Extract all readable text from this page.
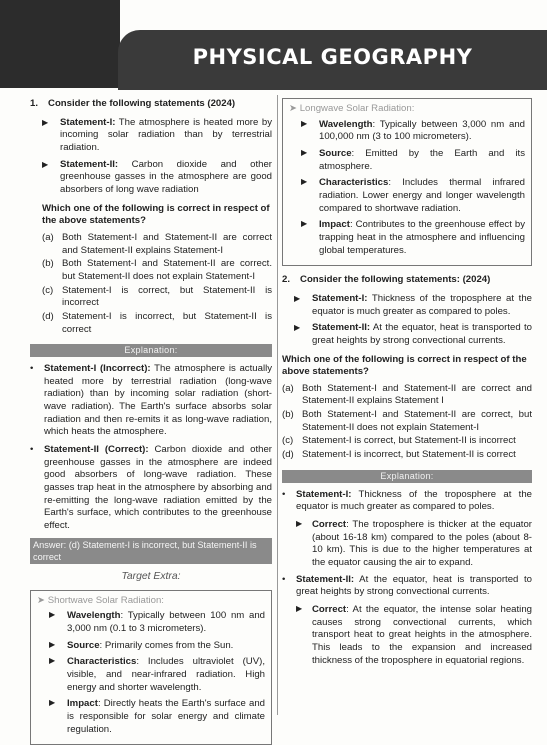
PHYSICAL GEOGRAPHY
1. Consider the following statements (2024)
▶	Statement-I: The atmosphere is heated more by incoming solar radiation than by terrestrial radiation.
▶	Statement-II: Carbon dioxide and other greenhouse gasses in the atmosphere are good absorbers of long wave radiation
Which one of the following is correct in respect of the above statements?
(a) Both Statement-I and Statement-II are correct and Statement-II explains Statement-I
(b) Both Statement-I and Statement-II are correct. but Statement-II does not explain Statement-I
(c) Statement-I is correct, but Statement-II is incorrect
(d) Statement-I is incorrect, but Statement-II is correct
Explanation:
•	Statement-I (Incorrect): The atmosphere is actually heated more by terrestrial radiation (long-wave radiation) than by incoming solar radiation (short-wave radiation). The Earth's surface absorbs solar radiation and then re-emits it as long-wave radiation, which heats the atmosphere.
•	Statement-II (Correct): Carbon dioxide and other greenhouse gasses in the atmosphere are indeed good absorbers of long-wave radiation. These gasses trap heat in the atmosphere by absorbing and re-emitting the long-wave radiation emitted by the Earth's surface, which contributes to the greenhouse effect.
Answer: (d) Statement-I is incorrect, but Statement-II is correct
Target Extra:
➤ Shortwave Solar Radiation:
▶	Wavelength: Typically between 100 nm and 3,000 nm (0.1 to 3 micrometers).
▶	Source: Primarily comes from the Sun.
▶	Characteristics: Includes ultraviolet (UV), visible, and near-infrared radiation. High energy and shorter wavelength.
▶	Impact: Directly heats the Earth's surface and is responsible for solar energy and climate regulation.
➤ Longwave Solar Radiation:
▶	Wavelength: Typically between 3,000 nm and 100,000 nm (3 to 100 micrometers).
▶	Source: Emitted by the Earth and its atmosphere.
▶	Characteristics: Includes thermal infrared radiation. Lower energy and longer wavelength compared to shortwave radiation.
▶	Impact: Contributes to the greenhouse effect by trapping heat in the atmosphere and influencing global temperatures.
2. Consider the following statements: (2024)
▶	Statement-I: Thickness of the troposphere at the equator is much greater as compared to poles.
▶	Statement-II: At the equator, heat is transported to great heights by strong convectional currents.
Which one of the following is correct in respect of the above statements?
(a) Both Statement-I and Statement-II are correct and Statement-II explains Statement I
(b) Both Statement-I and Statement-II are correct, but Statement-II does not explain Statement-I
(c) Statement-I is correct, but Statement-II is incorrect
(d) Statement-I is incorrect, but Statement-II is correct
Explanation:
•	Statement-I: Thickness of the troposphere at the equator is much greater as compared to poles.
▶	Correct: The troposphere is thicker at the equator (about 16-18 km) compared to the poles (about 8-10 km). This is due to the higher temperatures at the equator causing the air to expand.
•	Statement-II: At the equator, heat is transported to great heights by strong convectional currents.
▶	Correct: At the equator, the intense solar heating causes strong convectional currents, which transport heat to great heights in the atmosphere. This leads to the expansion and increased thickness of the troposphere in equatorial regions.
